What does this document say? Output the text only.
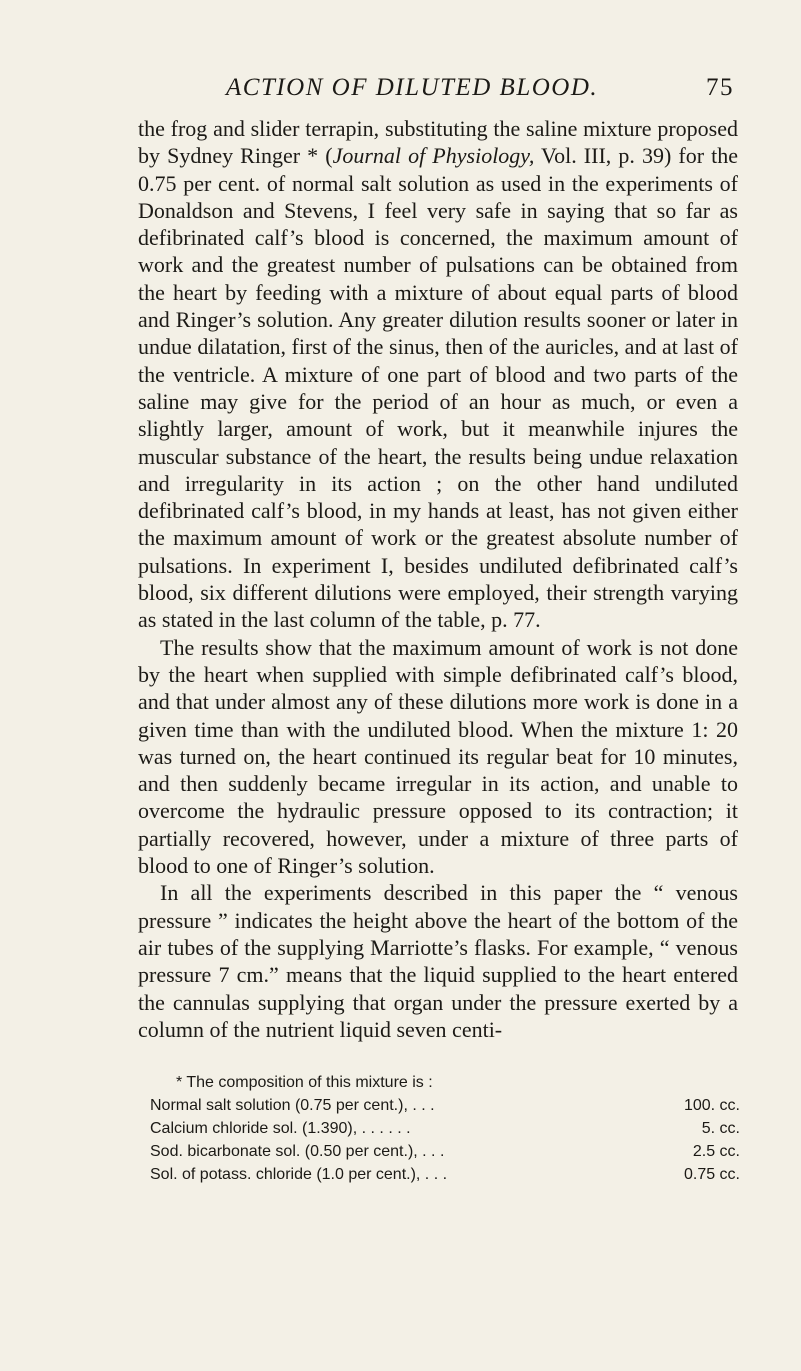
ACTION OF DILUTED BLOOD.	75

the frog and slider terrapin, substituting the saline mixture proposed by Sydney Ringer * (Journal of Physiology, Vol. III, p. 39) for the 0.75 per cent. of normal salt solution as used in the experiments of Donaldson and Stevens, I feel very safe in saying that so far as defibrinated calf’s blood is concerned, the maximum amount of work and the greatest number of pulsations can be obtained from the heart by feeding with a mixture of about equal parts of blood and Ringer’s solution. Any greater dilution results sooner or later in undue dilatation, first of the sinus, then of the auricles, and at last of the ventricle. A mixture of one part of blood and two parts of the saline may give for the period of an hour as much, or even a slightly larger, amount of work, but it meanwhile injures the muscular substance of the heart, the results being undue relaxation and irregularity in its action ; on the other hand undiluted defibrinated calf’s blood, in my hands at least, has not given either the maximum amount of work or the greatest absolute number of pulsations. In experiment I, besides undiluted defibrinated calf’s blood, six different dilutions were employed, their strength varying as stated in the last column of the table, p. 77.

The results show that the maximum amount of work is not done by the heart when supplied with simple defibrinated calf’s blood, and that under almost any of these dilutions more work is done in a given time than with the undiluted blood. When the mixture 1: 20 was turned on, the heart continued its regular beat for 10 minutes, and then suddenly became irregular in its action, and unable to overcome the hydraulic pressure opposed to its contraction; it partially recovered, however, under a mixture of three parts of blood to one of Ringer’s solution.

In all the experiments described in this paper the “ venous pressure ” indicates the height above the heart of the bottom of the air tubes of the supplying Marriotte’s flasks. For example, “ venous pressure 7 cm.” means that the liquid supplied to the heart entered the cannulas supplying that organ under the pressure exerted by a column of the nutrient liquid seven centi-

* The composition of this mixture is :
Normal salt solution (0.75 per cent.), . . .	100. cc.
Calcium chloride sol. (1.390), . . . . . .	5. cc.
Sod. bicarbonate sol. (0.50 per cent.), . . .	2.5 cc.
Sol. of potass. chloride (1.0 per cent.), . . .	0.75 cc.
